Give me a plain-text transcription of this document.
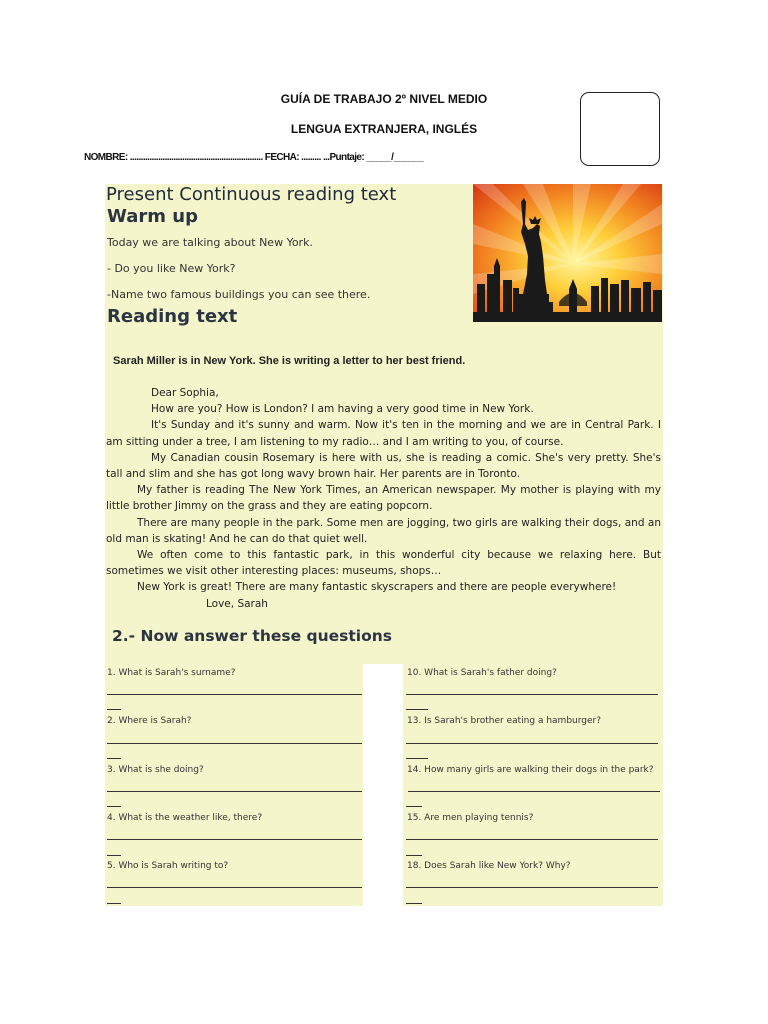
GUÍA DE TRABAJO 2º NIVEL MEDIO
LENGUA EXTRANJERA, INGLÉS
NOMBRE: ............................................................. FECHA: ......... ...Puntaje: _____/______
Present Continuous reading text
Warm up
Today we are talking about New York.
- Do you like New York?
-Name two famous buildings you can see there.
Reading text
Sarah Miller is in New York. She is writing a letter to her best friend.

Dear Sophia,

How are you? How is London? I am having a very good time in New York.

It's Sunday and it's sunny and warm. Now it's ten in the morning and we are in Central Park. I am sitting under a tree, I am listening to my radio… and I am writing to you, of course.

My Canadian cousin Rosemary is here with us, she is reading a comic. She's very pretty. She's tall and slim and she has got long wavy brown hair. Her parents are in Toronto.

My father is reading The New York Times, an American newspaper. My mother is playing with my little brother Jimmy on the grass and they are eating popcorn.

There are many people in the park. Some men are jogging, two girls are walking their dogs, and an old man is skating! And he can do that quiet well.

We often come to this fantastic park, in this wonderful city because we relaxing here. But sometimes we visit other interesting places: museums, shops…

New York is great! There are many fantastic skyscrapers and there are people everywhere!

Love, Sarah

2.- Now answer these questions
1. What is Sarah's surname?
2. Where is Sarah?
3. What is she doing?
4. What is the weather like, there?
5. Who is Sarah writing to?
10. What is Sarah's father doing?
13. Is Sarah's brother eating a hamburger?
14. How many girls are walking their dogs in the park?
15. Are men playing tennis?
18. Does Sarah like New York? Why?
